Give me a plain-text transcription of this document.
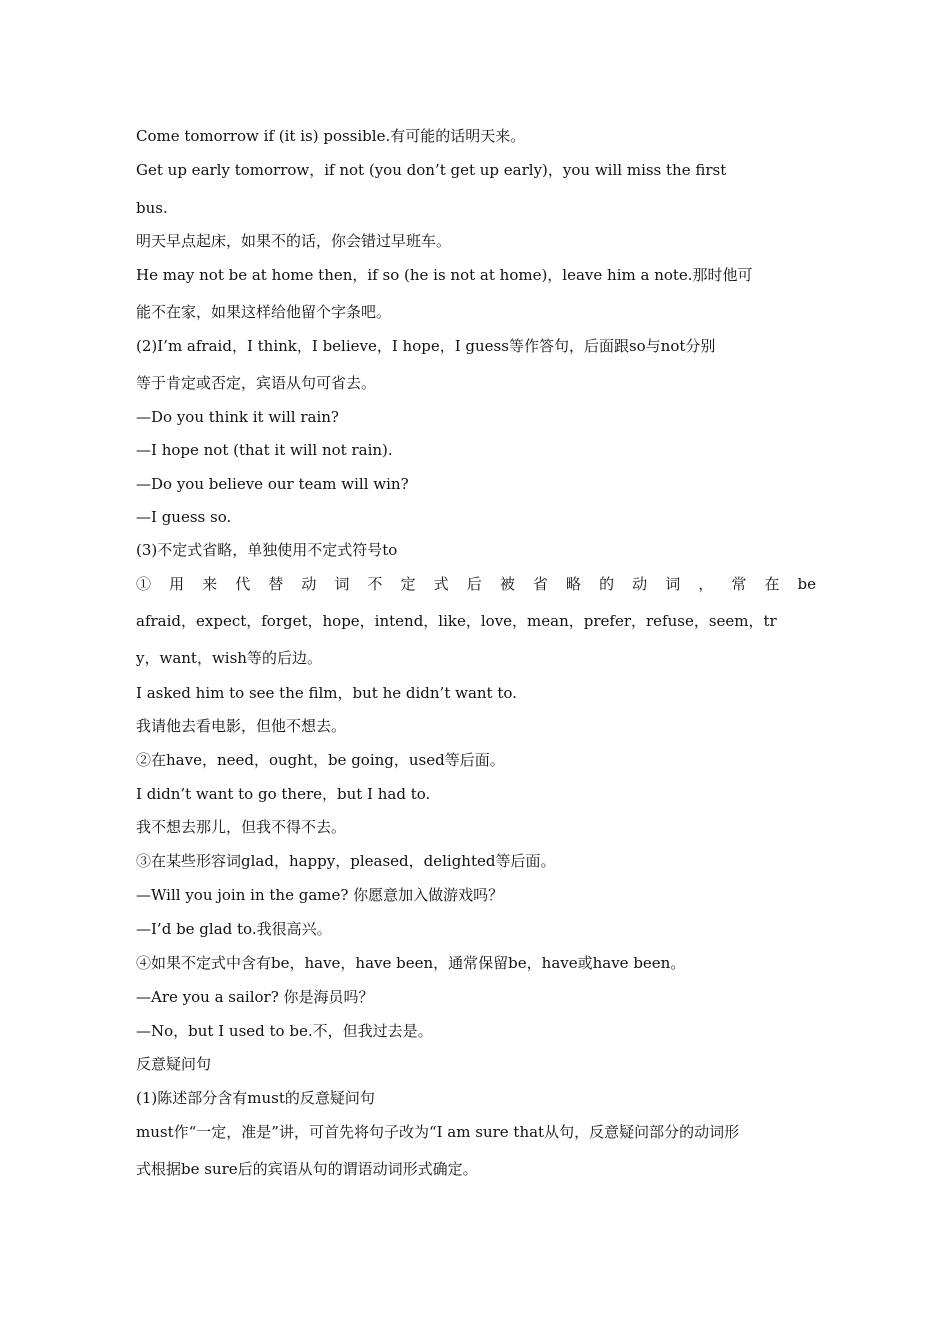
Come tomorrow if (it is) possible.有可能的话明天来。

Get up early tomorrow，if not (you don’t get up early)，you will miss the first

bus.

明天早点起床，如果不的话，你会错过早班车。

He may not be at home then，if so (he is not at home)，leave him a note.那时他可

能不在家，如果这样给他留个字条吧。

(2)I’m afraid，I think，I believe，I hope，I guess等作答句，后面跟so与not分别

等于肯定或否定，宾语从句可省去。

—Do you think it will rain?

—I hope not (that it will not rain).

—Do you believe our team will win?

—I guess so.

(3)不定式省略，单独使用不定式符号to

① 用 来 代 替 动 词 不 定 式 后 被 省 略 的 动 词 ， 常 在 be

afraid，expect，forget，hope，intend，like，love，mean，prefer，refuse，seem，tr

y，want，wish等的后边。

I asked him to see the film，but he didn’t want to.

我请他去看电影，但他不想去。

②在have，need，ought，be going，used等后面。

I didn’t want to go there，but I had to.

我不想去那儿，但我不得不去。

③在某些形容词glad，happy，pleased，delighted等后面。

—Will you join in the game? 你愿意加入做游戏吗？

—I’d be glad to.我很高兴。

④如果不定式中含有be，have，have been，通常保留be，have或have been。

—Are you a sailor? 你是海员吗？

—No，but I used to be.不，但我过去是。

反意疑问句

(1)陈述部分含有must的反意疑问句

must作“一定，准是”讲，可首先将句子改为“I am sure that从句，反意疑问部分的动词形

式根据be sure后的宾语从句的谓语动词形式确定。
